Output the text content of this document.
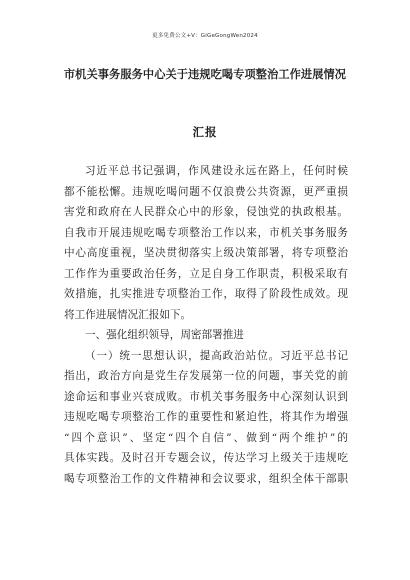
更多免费公文+V：GiGeGongWen2024
市机关事务服务中心关于违规吃喝专项整治工作进展情况
汇报
习近平总书记强调，作风建设永远在路上，任何时候
都不能松懈。违规吃喝问题不仅浪费公共资源，更严重损
害党和政府在人民群众心中的形象，侵蚀党的执政根基。
自我市开展违规吃喝专项整治工作以来，市机关事务服务
中心高度重视，坚决贯彻落实上级决策部署，将专项整治
工作作为重要政治任务，立足自身工作职责，积极采取有
效措施，扎实推进专项整治工作，取得了阶段性成效。现
将工作进展情况汇报如下。
一、强化组织领导，周密部署推进
（一）统一思想认识，提高政治站位。习近平总书记
指出，政治方向是党生存发展第一位的问题，事关党的前
途命运和事业兴衰成败。市机关事务服务中心深刻认识到
违规吃喝专项整治工作的重要性和紧迫性，将其作为增强
“四个意识”、坚定“四个自信”、做到“两个维护”的
具体实践。及时召开专题会议，传达学习上级关于违规吃
喝专项整治工作的文件精神和会议要求，组织全体干部职
